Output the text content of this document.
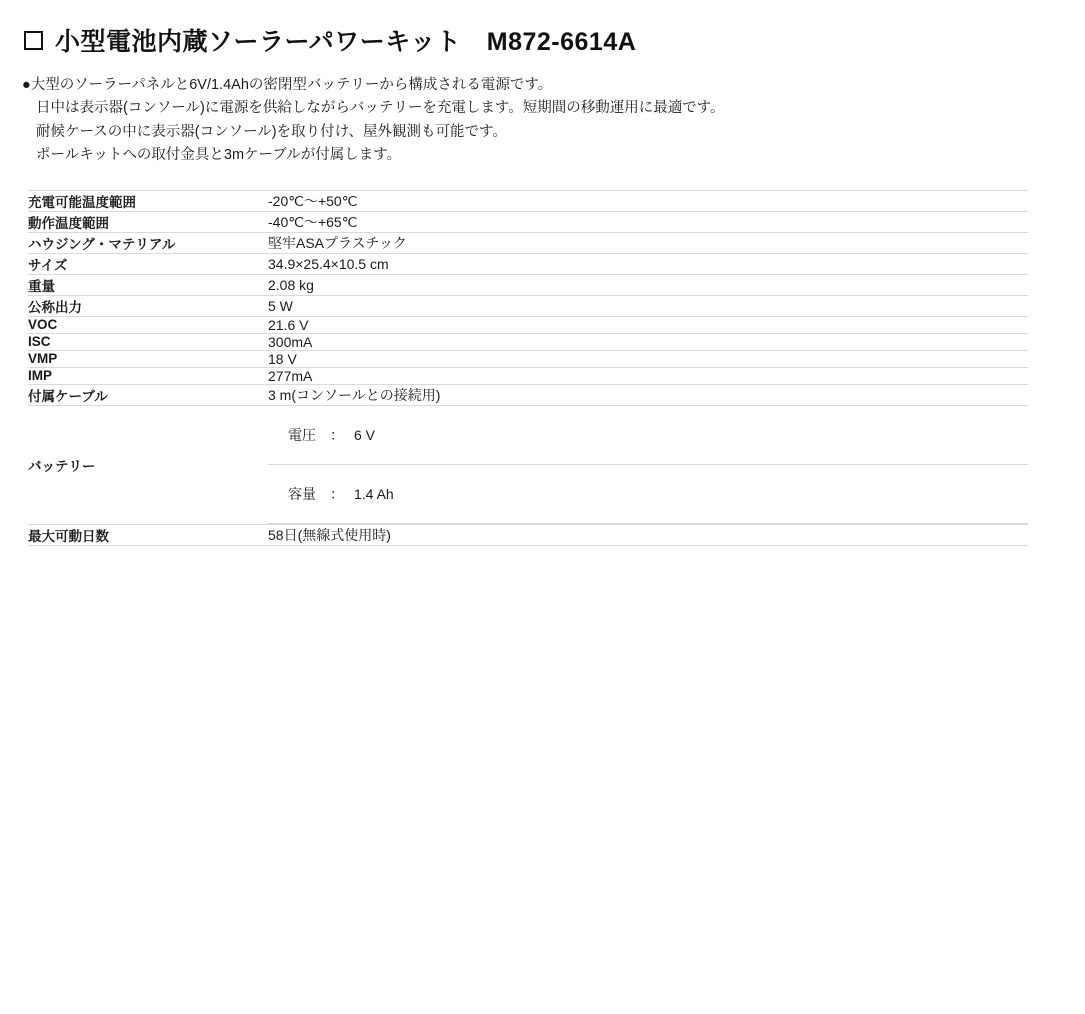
小型電池内蔵ソーラーパワーキット　M872-6614A
●大型のソーラーパネルと6V/1.4Ahの密閉型バッテリーから構成される電源です。
日中は表示器(コンソール)に電源を供給しながらバッテリーを充電します。短期間の移動運用に最適です。
耐候ケースの中に表示器(コンソール)を取り付け、屋外観測も可能です。
ポールキットへの取付金具と3mケーブルが付属します。
充電可能温度範囲	-20℃〜+50℃
動作温度範囲	-40℃〜+65℃
ハウジング・マテリアル	堅牢ASAプラスチック
サイズ	34.9×25.4×10.5 cm
重量	2.08 kg
公称出力	5 W
VOC	21.6 V
ISC	300mA
VMP	18 V
IMP	277mA
付属ケーブル	3 m(コンソールとの接続用)
バッテリー	
電圧 ： 6 V
容量 ： 1.4 Ah

最大可動日数	58日(無線式使用時)
